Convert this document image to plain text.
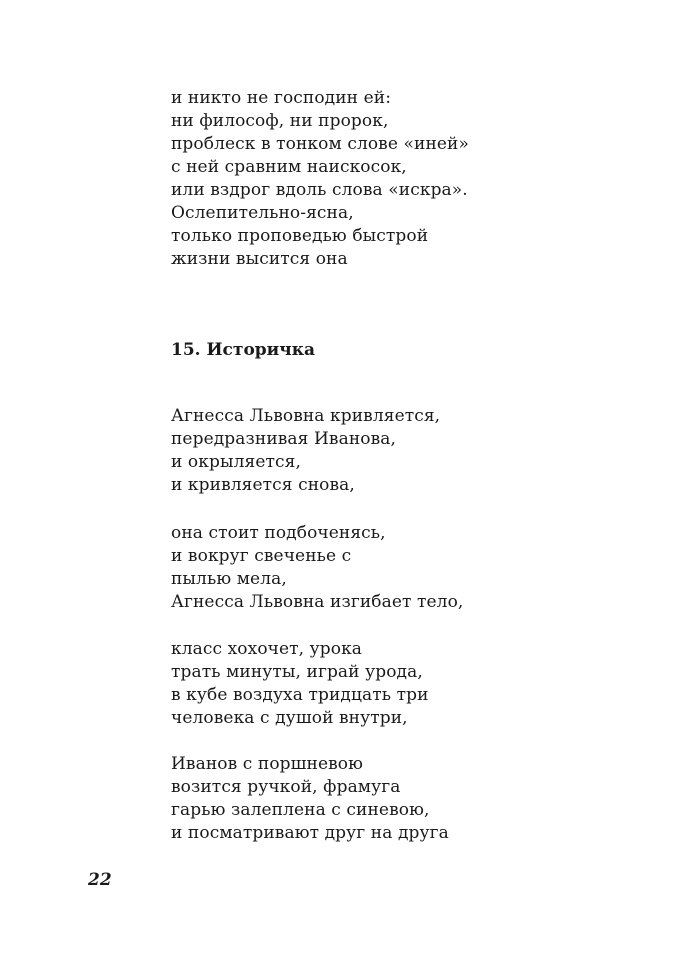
и никто не господин ей:
ни философ, ни пророк,
проблеск в тонком слове «иней»
с ней сравним наискосок,
или вздрог вдоль слова «искра».
Ослепительно-ясна,
только проповедью быстрой
жизни высится она
15. Историчка
Агнесса Львовна кривляется,
передразнивая Иванова,
и окрыляется,
и кривляется снова,
она стоит подбоченясь,
и вокруг свеченье с
пылью мела,
Агнесса Львовна изгибает тело,
класс хохочет, урока
трать минуты, играй урода,
в кубе воздуха тридцать три
человека с душой внутри,
Иванов с поршневою
возится ручкой, фрамуга
гарью залеплена с синевою,
и посматривают друг на друга
22
